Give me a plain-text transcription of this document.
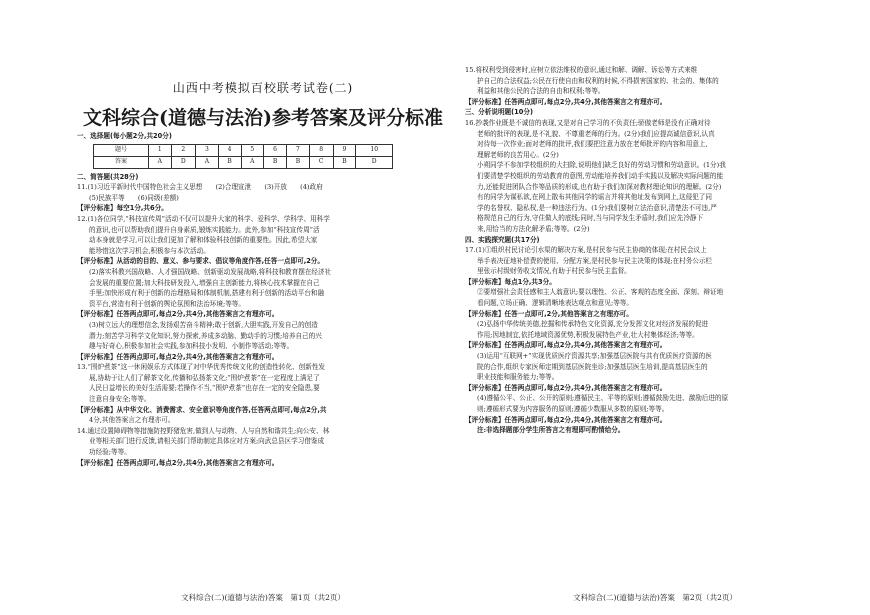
山西中考模拟百校联考试卷(二)
文科综合(道德与法治)参考答案及评分标准

一、选择题(每小题2分,共20分)

题号	1	2	3	4	5	6	7	8	9	10
答案	A	D	A	B	A	B	B	C	B	D

二、简答题(共28分)

11.(1)习近平新时代中国特色社会主义思想　　(2)合理宣泄　　(3)开放　　(4)政府

(5)民族平等　　(6)同级(差额)

【评分标准】每空1分,共6分。

12.(1)各位同学,“科技宣传周”活动不仅可以提升大家的科学、爱科学、学科学、用科学

的意识,也可以帮助我们提升自身素质,锻炼实践能力。此外,参加“科技宣传周”活

动本身就是学习,可以让我们更加了解和体验科技创新的重要性。因此,希望大家

能珍惜这次学习机会,积极参与本次活动。

【评分标准】从活动的目的、意义、参与要求、倡议等角度作答,任答一点即可,2分。

(2)落实科教兴国战略、人才强国战略、创新驱动发展战略,将科技和教育摆在经济社

会发展的重要位置;加大科技研发投入,增强自主创新能力,将核心技术掌握在自己

手里;加快形成有利于创新的治理格局和体制机制,搭建有利于创新的活动平台和融

资平台,营造有利于创新的舆论氛围和法治环境;等等。

【评分标准】任答两点即可,每点2分,共4分,其他答案言之有理亦可。

(3)树立远大的理想信念,发扬艰苦奋斗精神;敢于创新,大胆实践,开发自己的创造

潜力;刻苦学习科学文化知识,努力探索,养成多动脑、勤动手的习惯;培养自己的兴

趣与好奇心,积极参加社会实践,参加科技小发明、小制作等活动;等等。

【评分标准】任答两点即可,每点2分,共4分,其他答案言之有理亦可。

13.“围炉煮茶”这一休闲娱乐方式体现了对中华优秀传统文化的创造性转化、创新性发

展,协助于让人们了解茶文化,传播和弘扬茶文化;“围炉煮茶”在一定程度上满足了

人民日益增长的美好生活需要;若操作不当,“围炉煮茶”也存在一定的安全隐患,要

注意自身安全;等等。

【评分标准】从中华文化、消费需求、安全意识等角度作答,任答两点即可,每点2分,共

4分,其他答案言之有理亦可。

14.通过设置障碍物等措施防控野猪危害,做到人与动物、人与自然和谐共生;向公安、林

业等相关部门进行反馈,请相关部门帮助制定具体应对方案;向武总县区学习借鉴成

功经验;等等。

【评分标准】任答两点即可,每点2分,共4分,其他答案言之有理亦可。

文科综合(二)(道德与法治)答案　第1页（共2页）

15.将权利受到侵害时,应树立依法维权的意识,通过和解、调解、诉讼等方式来维

护自己的合法权益;公民在行使自由和权利的时候,不得损害国家的、社会的、集体的

利益和其他公民的合法的自由和权利;等等。

【评分标准】任答两点即可,每点2分,共4分,其他答案言之有理亦可。

三、分析说明题(10分)

16.抄袭作业既是不诚信的表现,又是对自己学习的不负责任;骄傲老师是没有正确对待

老师的批评的表现,是不礼貌、不尊重老师的行为。(2分)我们应提高诚信意识,认真

对待每一次作业;面对老师的批评,我们要把注意力放在老师批评的内容和用意上,

理解老师的良苦用心。(2分)

小朔同学不参加学校组织的大扫除,说明他们缺乏良好的劳动习惯和劳动意识。(1分)我

们要清楚学校组织的劳动教育的意图,劳动能培养我们动手实践以及解决实际问题的能

力,还能促进团队合作等品质的形成,也有助于我们加深对教材理论知识的理解。(2分)

有的同学为谋私欲,在网上散布其他同学的谣言并将其他址发布到网上,这侵犯了同

学的名誉权、隐私权,是一种违法行为。(1分)我们要树立法治意识,清楚法不可违,严

格规范自己的行为,守住做人的底线;同时,当与同学发生矛盾时,我们应先冷静下

来,用恰当的方法化解矛盾;等等。(2分)

四、实践探究题(共17分)

17.(1)①组织村民讨论引水渠的解决方案,是村民参与民主协商的体现;在村民会议上

举手表决征地补偿费的使用、分配方案,是村民参与民主决策的体现;在村务公示栏

里张示村级财务收支情况,有助于村民参与民主监督。

【评分标准】每点1分,共3分。

②要增强社会责任感和主人翁意识;要以理性、公正、客观的态度全面、深刻、辩证地

看问题,立场正确、逻辑清晰地表达观点和意见;等等。

【评分标准】任答一点即可,2分,其他答案言之有理亦可。

(2)弘扬中华传统美德,挖掘和传承特色文化资源,充分发挥文化对经济发展的促进

作用;因地制宜,依托地域资源优势,积极发展特色产业,壮大村集体经济;等等。

【评分标准】任答两点即可,每点2分,共4分,其他答案言之有理亦可。

(3)运用“互联网+”实现优质医疗资源共享;加强基层医院与共有优质医疗资源的医

院的合作,组织专家医师定期到基层医院坐诊;加强基层医生培训,提高基层医生的

职业技能和服务能力;等等。

【评分标准】任答两点即可,每点2分,共4分,其他答案言之有理亦可。

(4)遵循公平、公正、公开的原则;遵循民主、平等的原则;遵循鼓励先进、激励后进的原

则;遵循形式要为内容服务的原则;遵循少数服从多数的原则;等等。

【评分标准】任答两点即可,每点2分,共4分,其他答案言之有理亦可。

注:非选择题部分学生所答言之有理即可酌情给分。

文科综合(二)(道德与法治)答案　第2页（共2页）
